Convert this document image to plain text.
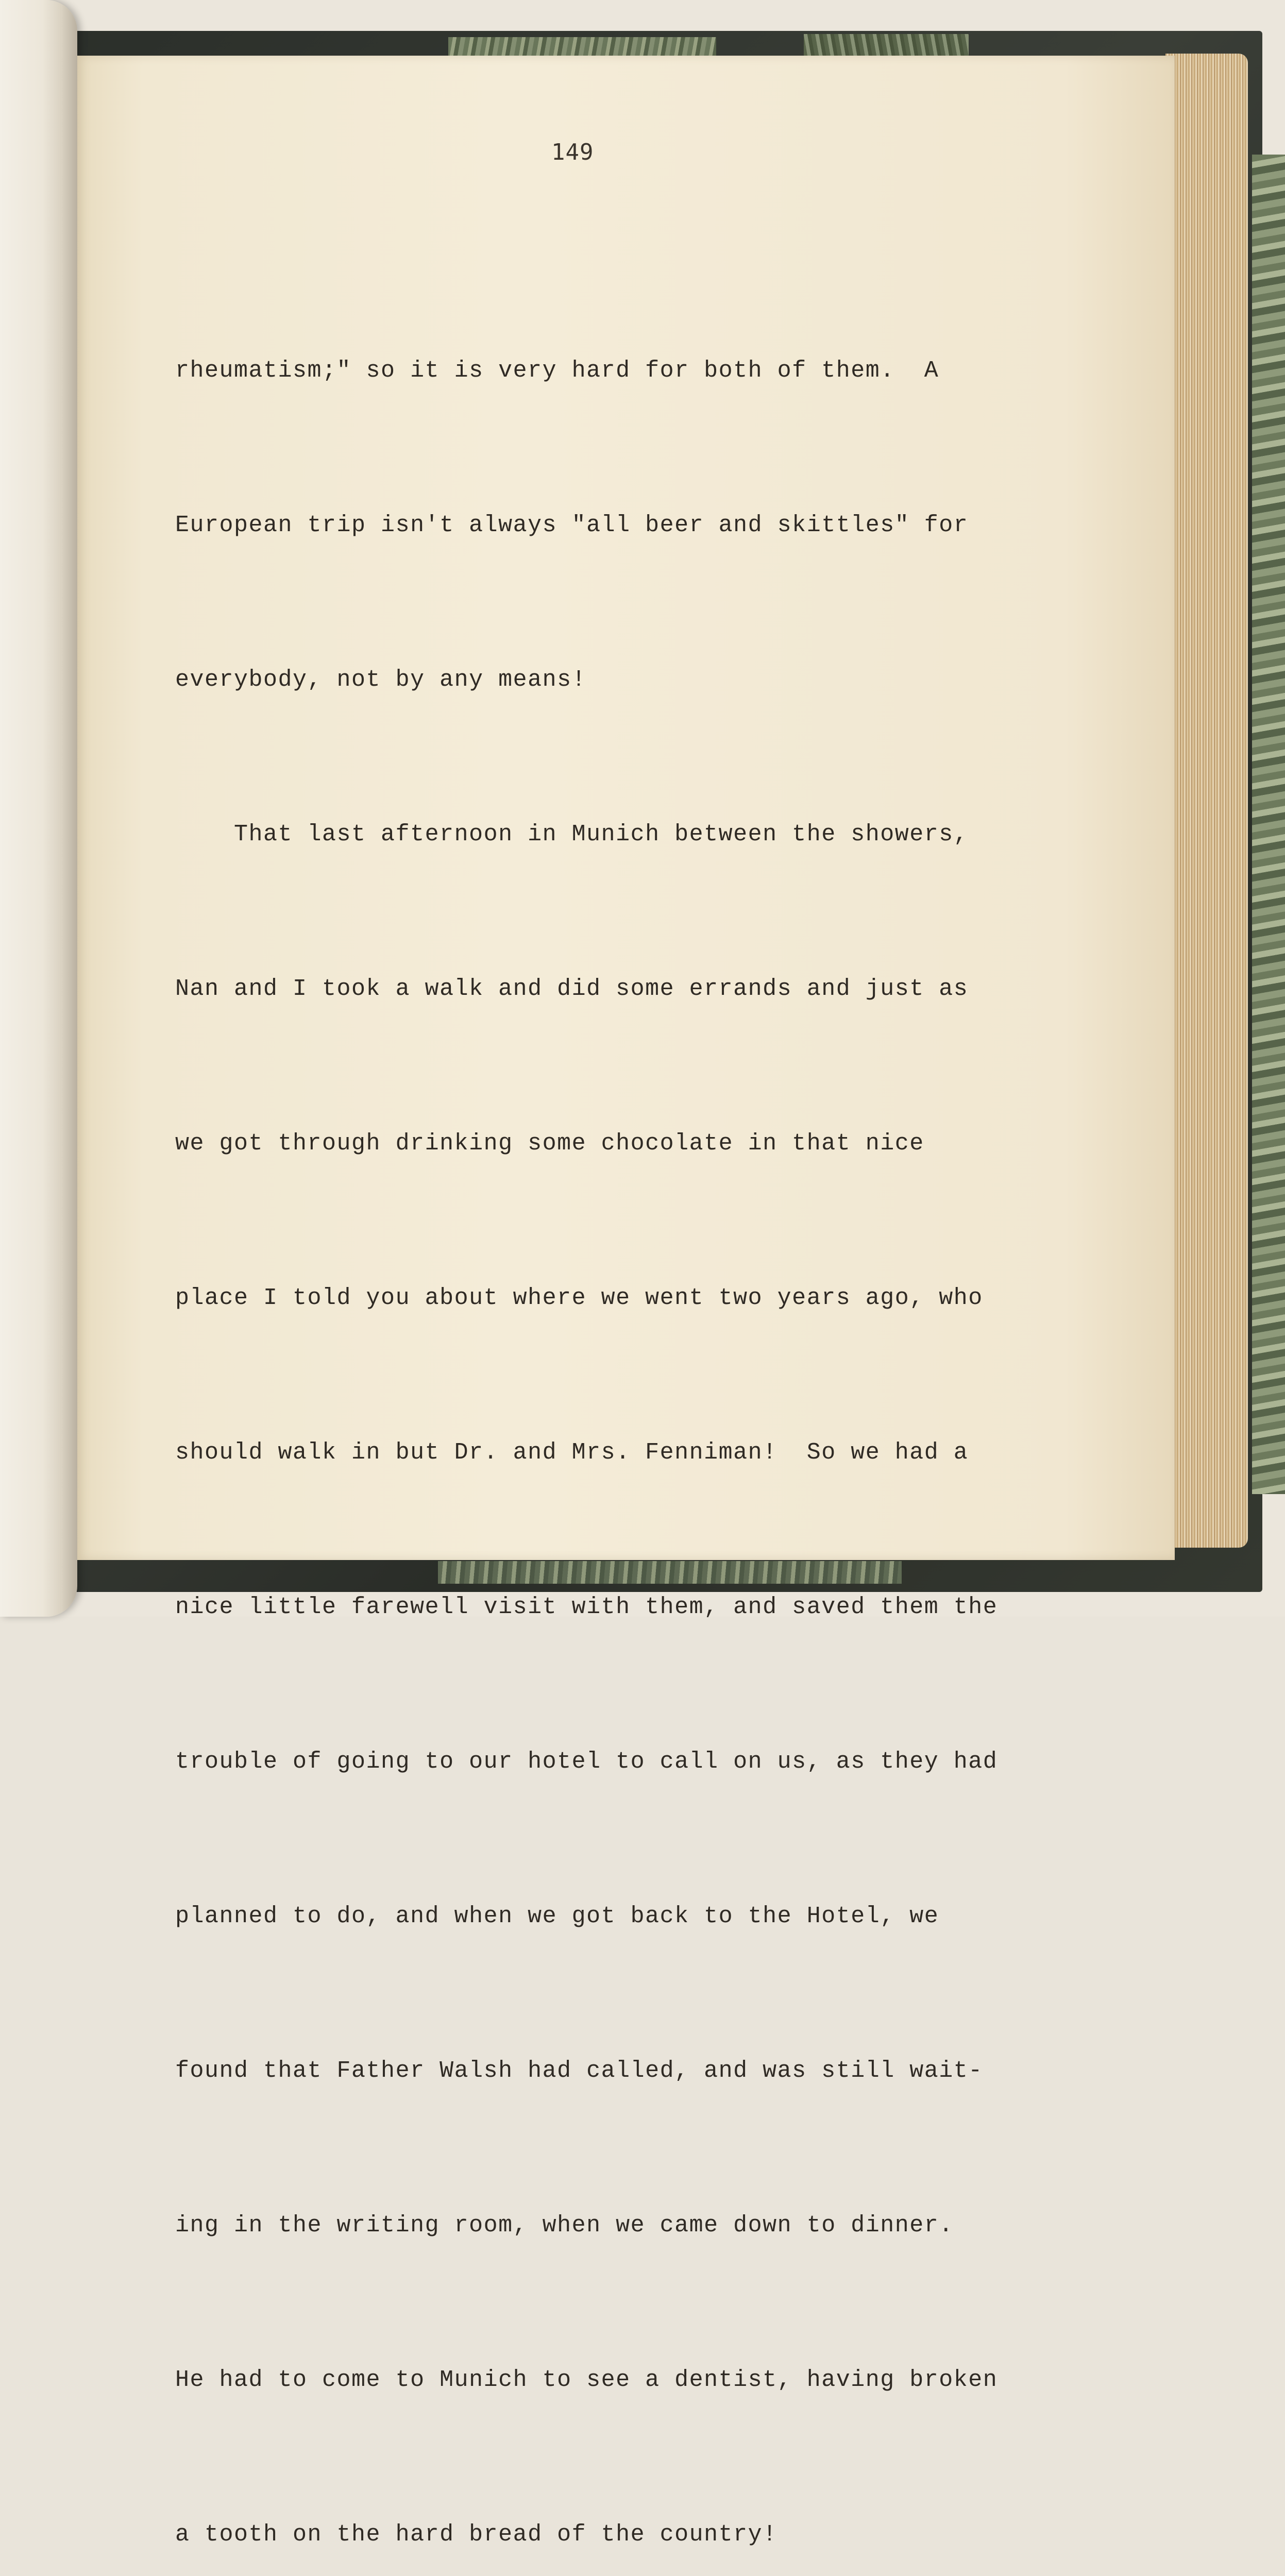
149

rheumatism;" so it is very hard for both of them.  A

European trip isn't always "all beer and skittles" for

everybody, not by any means!

That last afternoon in Munich between the showers,

Nan and I took a walk and did some errands and just as

we got through drinking some chocolate in that nice

place I told you about where we went two years ago, who

should walk in but Dr. and Mrs. Fenniman!  So we had a

nice little farewell visit with them, and saved them the

trouble of going to our hotel to call on us, as they had

planned to do, and when we got back to the Hotel, we

found that Father Walsh had called, and was still wait-

ing in the writing room, when we came down to dinner.

He had to come to Munich to see a dentist, having broken

a tooth on the hard bread of the country!
